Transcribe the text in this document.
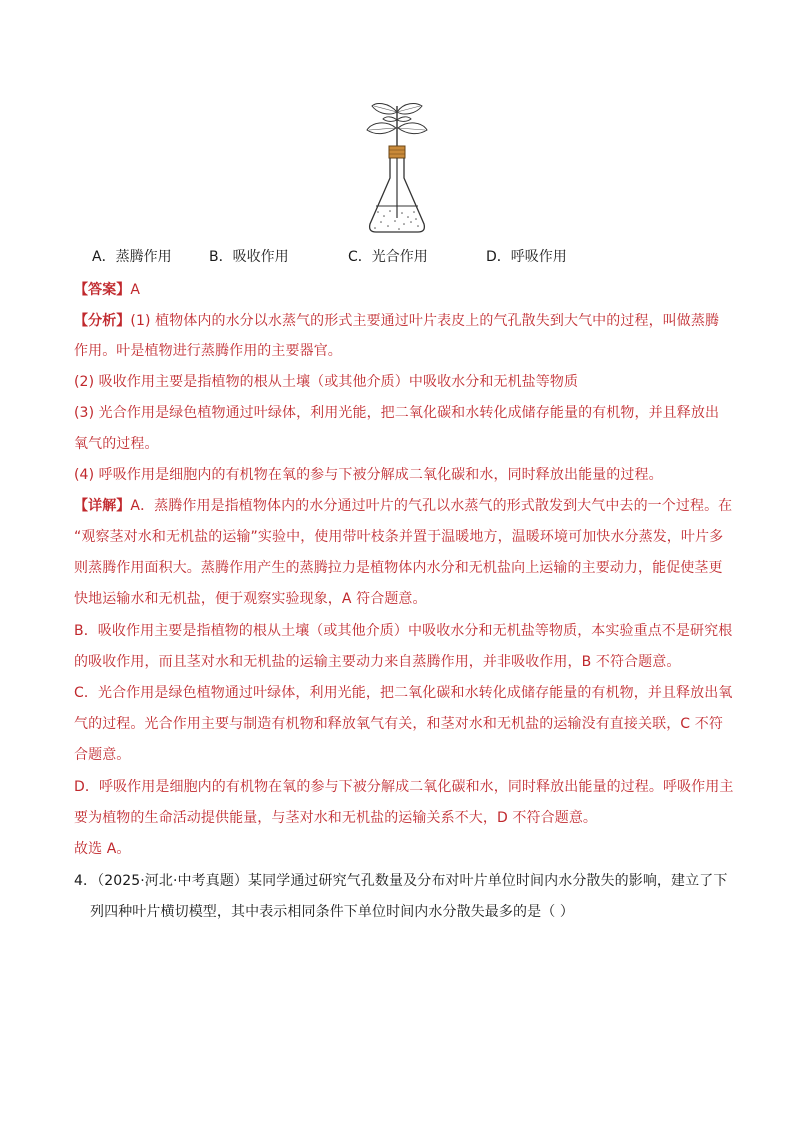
A．蒸腾作用	B．吸收作用	C．光合作用	D．呼吸作用
【答案】A
【分析】(1) 植物体内的水分以水蒸气的形式主要通过叶片表皮上的气孔散失到大气中的过程，叫做蒸腾
作用。叶是植物进行蒸腾作用的主要器官。
(2) 吸收作用主要是指植物的根从土壤（或其他介质）中吸收水分和无机盐等物质
(3) 光合作用是绿色植物通过叶绿体，利用光能，把二氧化碳和水转化成储存能量的有机物，并且释放出
氧气的过程。
(4) 呼吸作用是细胞内的有机物在氧的参与下被分解成二氧化碳和水，同时释放出能量的过程。
【详解】A．蒸腾作用是指植物体内的水分通过叶片的气孔以水蒸气的形式散发到大气中去的一个过程。在
“观察茎对水和无机盐的运输”实验中，使用带叶枝条并置于温暖地方，温暖环境可加快水分蒸发，叶片多
则蒸腾作用面积大。蒸腾作用产生的蒸腾拉力是植物体内水分和无机盐向上运输的主要动力，能促使茎更
快地运输水和无机盐，便于观察实验现象，A 符合题意。
B．吸收作用主要是指植物的根从土壤（或其他介质）中吸收水分和无机盐等物质，本实验重点不是研究根
的吸收作用，而且茎对水和无机盐的运输主要动力来自蒸腾作用，并非吸收作用，B 不符合题意。
C．光合作用是绿色植物通过叶绿体，利用光能，把二氧化碳和水转化成储存能量的有机物，并且释放出氧
气的过程。光合作用主要与制造有机物和释放氧气有关，和茎对水和无机盐的运输没有直接关联，C 不符
合题意。
D．呼吸作用是细胞内的有机物在氧的参与下被分解成二氧化碳和水，同时释放出能量的过程。呼吸作用主
要为植物的生命活动提供能量，与茎对水和无机盐的运输关系不大，D 不符合题意。
故选 A。
4．（2025·河北·中考真题）某同学通过研究气孔数量及分布对叶片单位时间内水分散失的影响，建立了下
列四种叶片横切模型，其中表示相同条件下单位时间内水分散失最多的是（ ）
